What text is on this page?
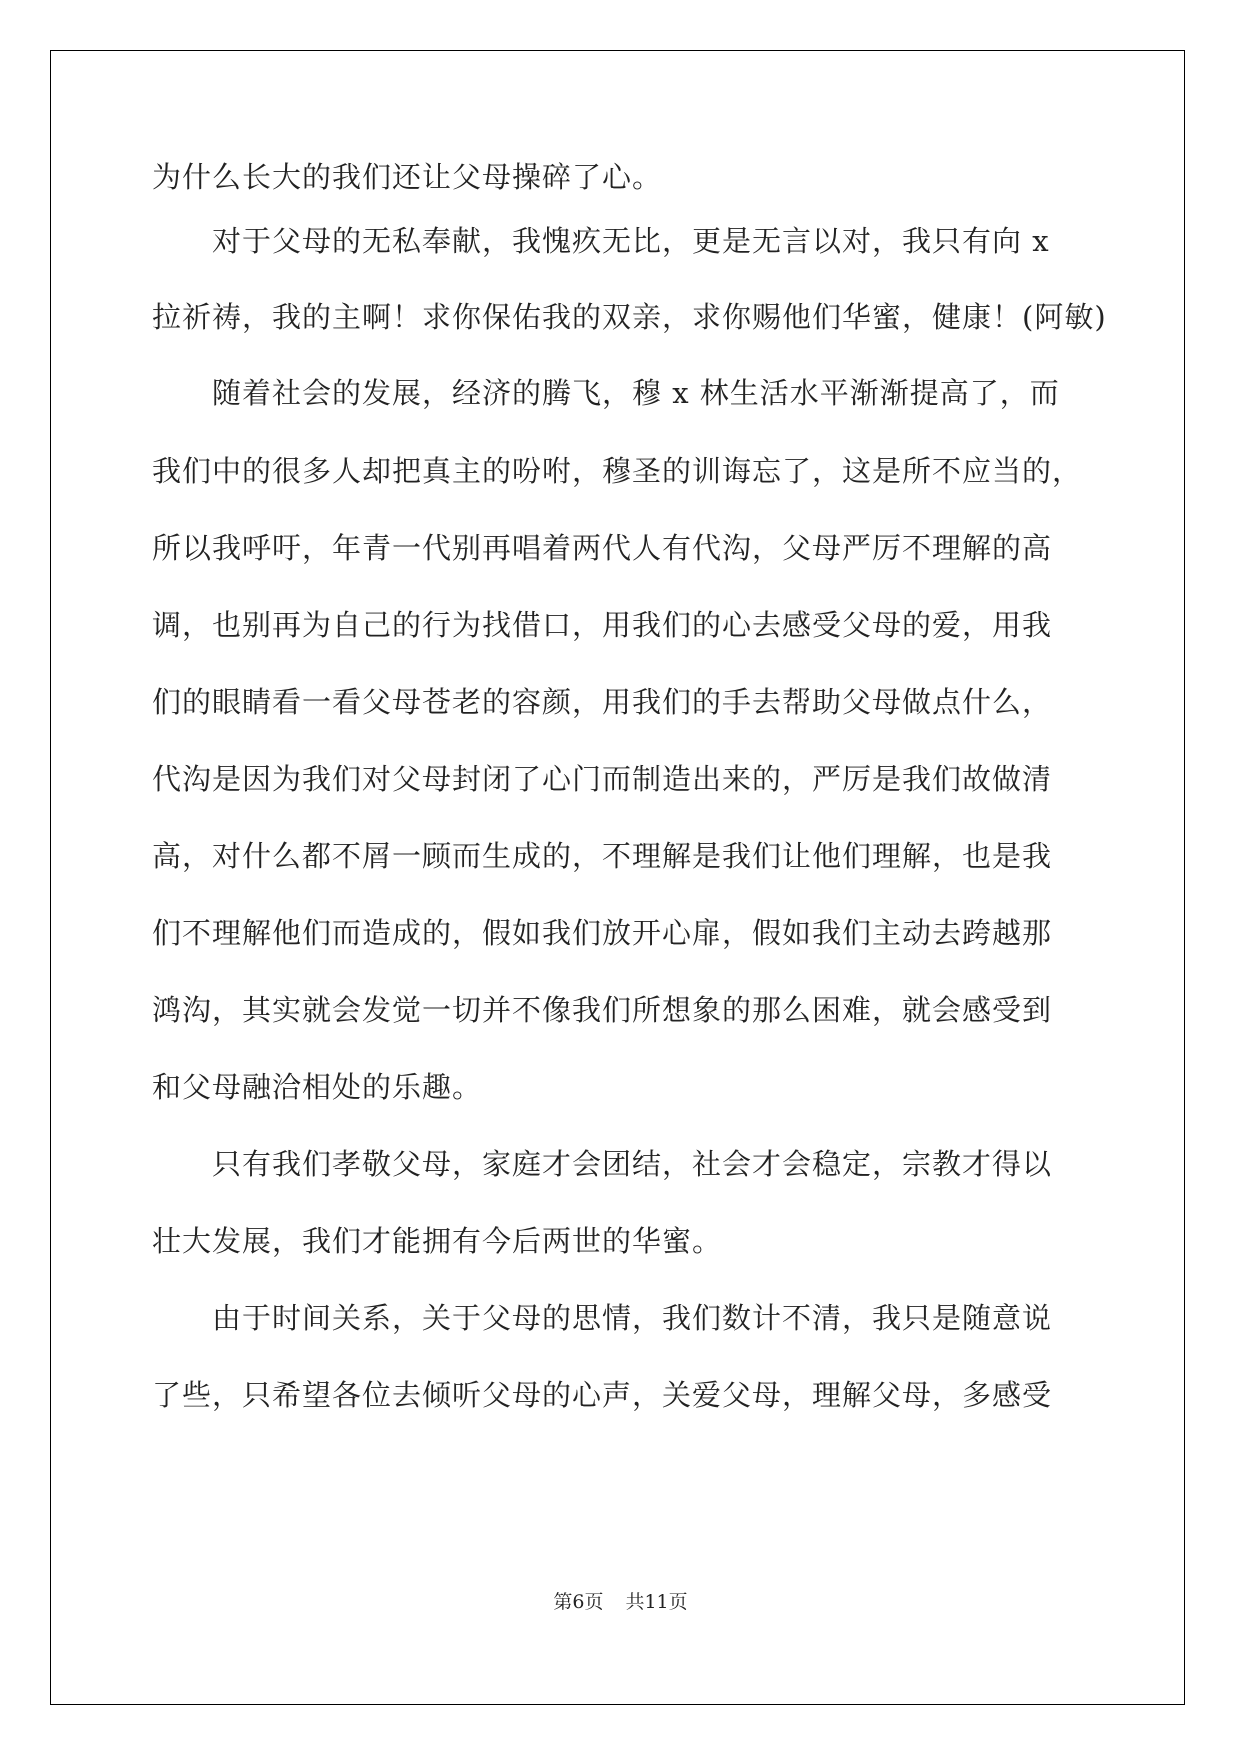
为什么长大的我们还让父母操碎了心。
对于父母的无私奉献，我愧疚无比，更是无言以对，我只有向 x
拉祈祷，我的主啊！求你保佑我的双亲，求你赐他们华蜜，健康！(阿敏)
随着社会的发展，经济的腾飞，穆 x 林生活水平渐渐提高了，而
我们中的很多人却把真主的吩咐，穆圣的训诲忘了，这是所不应当的，
所以我呼吁，年青一代别再唱着两代人有代沟，父母严厉不理解的高
调，也别再为自己的行为找借口，用我们的心去感受父母的爱，用我
们的眼睛看一看父母苍老的容颜，用我们的手去帮助父母做点什么，
代沟是因为我们对父母封闭了心门而制造出来的，严厉是我们故做清
高，对什么都不屑一顾而生成的，不理解是我们让他们理解，也是我
们不理解他们而造成的，假如我们放开心扉，假如我们主动去跨越那
鸿沟，其实就会发觉一切并不像我们所想象的那么困难，就会感受到
和父母融洽相处的乐趣。
只有我们孝敬父母，家庭才会团结，社会才会稳定，宗教才得以
壮大发展，我们才能拥有今后两世的华蜜。
由于时间关系，关于父母的思情，我们数计不清，我只是随意说
了些，只希望各位去倾听父母的心声，关爱父母，理解父母，多感受
第6页 共11页
